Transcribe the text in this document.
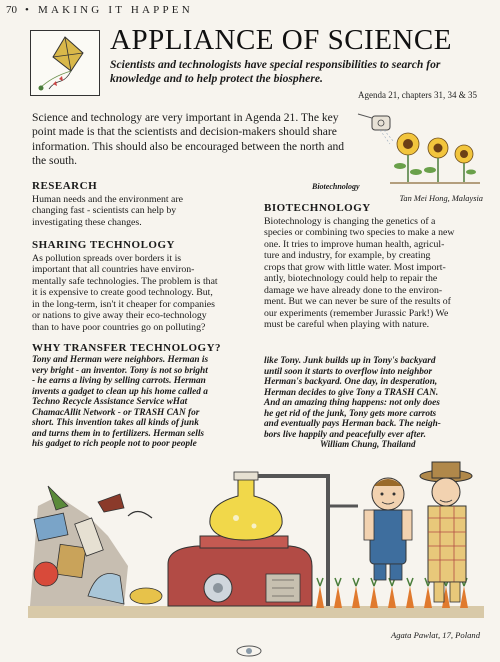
70 • MAKING IT HAPPEN
APPLIANCE OF SCIENCE

Scientists and technologists have special responsibilities to search for knowledge and to help protect the biosphere.

Agenda 21, chapters 31, 34 & 35

Science and technology are very important in Agenda 21. The key point made is that the scientists and decision-makers should share information. This should also be encouraged between the north and the south.

Biotechnology
Tan Mei Hong, Malaysia
RESEARCH
Human needs and the environment are
changing fast - scientists can help by
investigating these changes.
SHARING TECHNOLOGY
As pollution spreads over borders it is
important that all countries have environ-
mentally safe technologies. The problem is that
it is expensive to create good technology. But,
in the long-term, isn't it cheaper for companies
or nations to give away their eco-technology
than to have poor countries go on polluting?
BIOTECHNOLOGY
Biotechnology is changing the genetics of a
species or combining two species to make a new
one. It tries to improve human health, agricul-
ture and industry, for example, by creating
crops that grow with little water. Most import-
antly, biotechnology could help to repair the
damage we have already done to the environ-
ment. But we can never be sure of the results of
our experiments (remember Jurassic Park!) We
must be careful when playing with nature.
WHY TRANSFER TECHNOLOGY?
Tony and Herman were neighbors. Herman is
very bright - an inventor. Tony is not so bright
- he earns a living by selling carrots. Herman
invents a gadget to clean up his home called a
Techno Recycle Assistance Service wHat
ChamacAllit Network - or TRASH CAN for
short. This invention takes all kinds of junk
and turns them in to fertilizers. Herman sells
his gadget to rich people not to poor people
like Tony. Junk builds up in Tony's backyard
until soon it starts to overflow into neighbor
Herman's backyard. One day, in desperation,
Herman decides to give Tony a TRASH CAN.
And an amazing thing happens: not only does
he get rid of the junk, Tony gets more carrots
and eventually pays Herman back. The neigh-
bors live happily and peacefully ever after.
William Chung, Thailand
Agata Pawlat, 17, Poland
